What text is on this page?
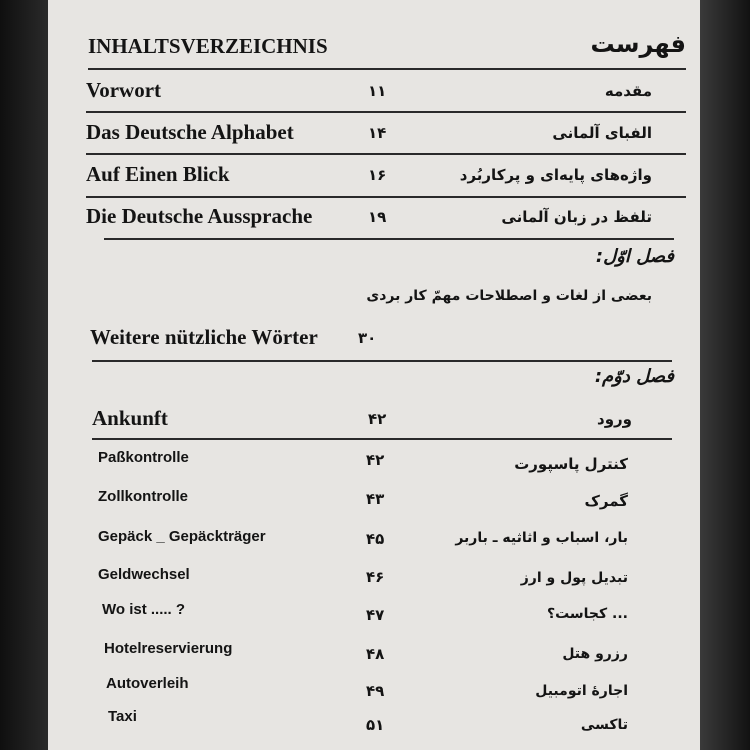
INHALTSVERZEICHNIS	فهرست
Vorwort	۱۱	مقدمه
Das Deutsche Alphabet	۱۴	الفبای آلمانی
Auf Einen Blick	۱۶	واژه‌های پایه‌ای و پرکاربُرد
Die Deutsche Aussprache	۱۹	تلفظ در زبان آلمانی
فصل اوّل:
بعضی از لغات و اصطلاحات مهمّ کار بردی
Weitere nützliche Wörter	۳۰
فصل دوّم:
Ankunft	۴۲	ورود
Paßkontrolle	۴۲	کنترل پاسپورت
Zollkontrolle	۴۳	گمرک
Gepäck _ Gepäckträger	۴۵	بار، اسباب و اثاثیه ـ باربر
Geldwechsel	۴۶	تبدیل پول و ارز
Wo ist ..... ?	۴۷	... کجاست؟
Hotelreservierung	۴۸	رزرو هتل
Autoverleih	۴۹	اجارهٔ اتومبیل
Taxi	۵۱	تاکسی
